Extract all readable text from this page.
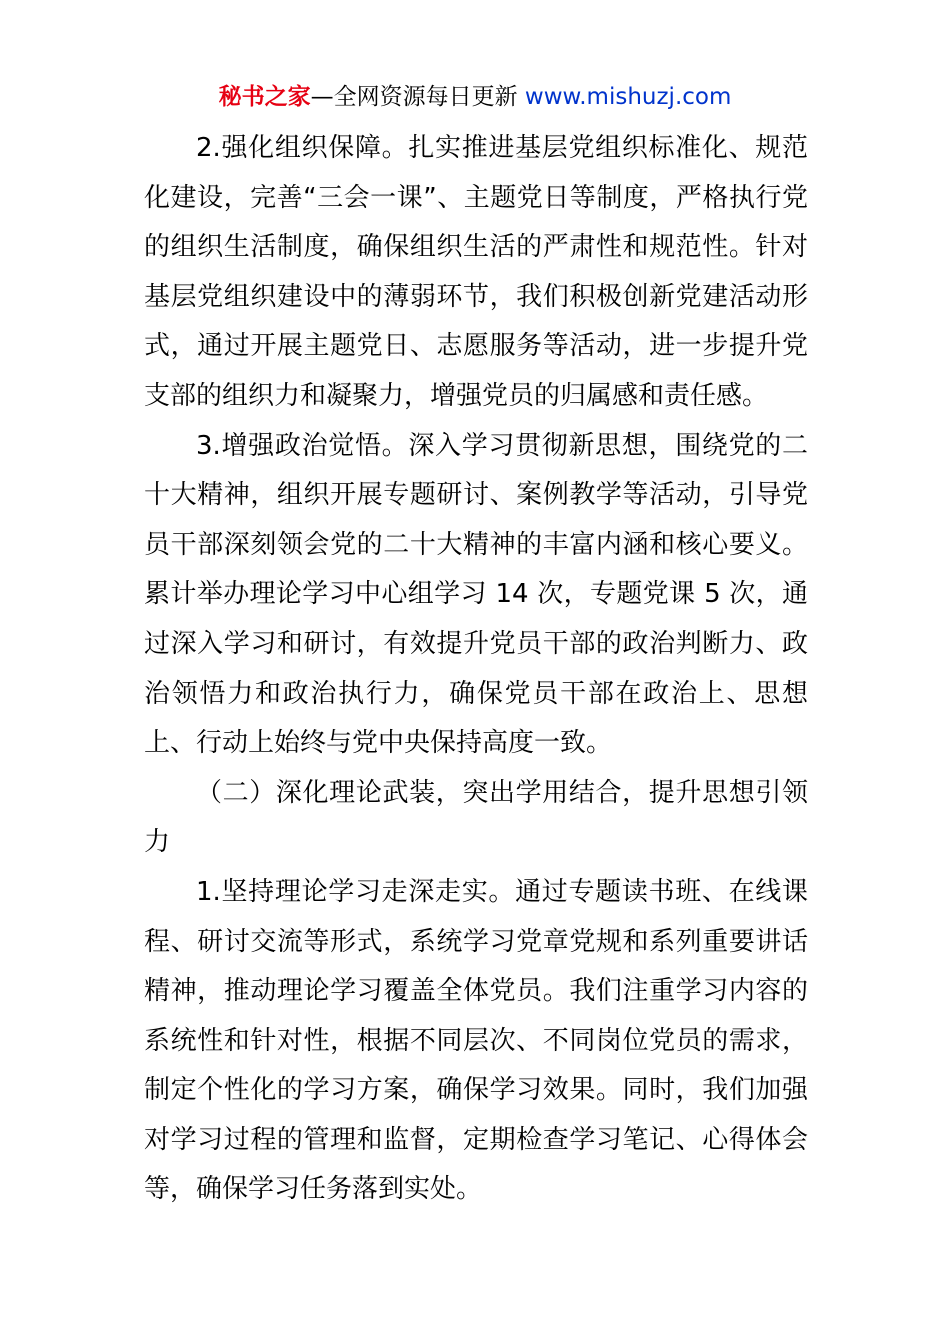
秘书之家—全网资源每日更新 www.mishuzj.com

2.强化组织保障。扎实推进基层党组织标准化、规范化建设，完善“三会一课”、主题党日等制度，严格执行党的组织生活制度，确保组织生活的严肃性和规范性。针对基层党组织建设中的薄弱环节，我们积极创新党建活动形式，通过开展主题党日、志愿服务等活动，进一步提升党支部的组织力和凝聚力，增强党员的归属感和责任感。

3.增强政治觉悟。深入学习贯彻新思想，围绕党的二十大精神，组织开展专题研讨、案例教学等活动，引导党员干部深刻领会党的二十大精神的丰富内涵和核心要义。累计举办理论学习中心组学习 14 次，专题党课 5 次，通过深入学习和研讨，有效提升党员干部的政治判断力、政治领悟力和政治执行力，确保党员干部在政治上、思想上、行动上始终与党中央保持高度一致。

（二）深化理论武装，突出学用结合，提升思想引领力

1.坚持理论学习走深走实。通过专题读书班、在线课程、研讨交流等形式，系统学习党章党规和系列重要讲话精神，推动理论学习覆盖全体党员。我们注重学习内容的系统性和针对性，根据不同层次、不同岗位党员的需求，制定个性化的学习方案，确保学习效果。同时，我们加强对学习过程的管理和监督，定期检查学习笔记、心得体会等，确保学习任务落到实处。
